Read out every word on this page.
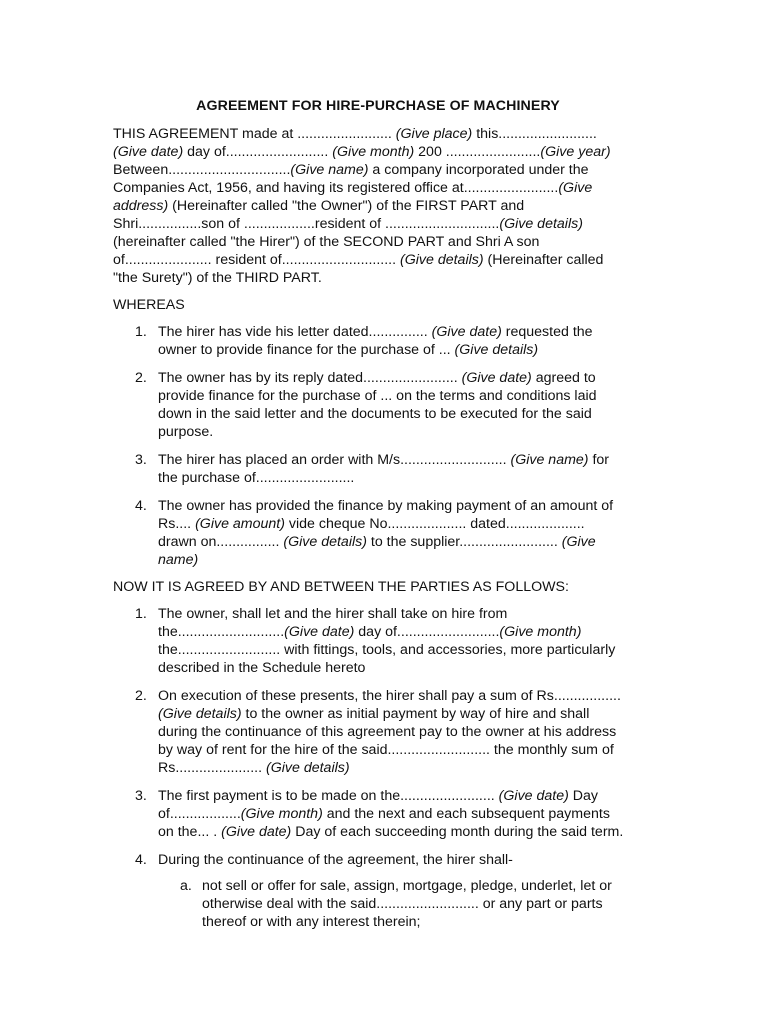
AGREEMENT FOR HIRE-PURCHASE OF MACHINERY

THIS AGREEMENT made at ........................ (Give place) this.........................
(Give date) day of.......................... (Give month) 200 ........................(Give year)
Between...............................(Give name) a company incorporated under the
Companies Act, 1956, and having its registered office at........................(Give
address) (Hereinafter called "the Owner") of the FIRST PART and
Shri................son of ..................resident of .............................(Give details)
(hereinafter called "the Hirer") of the SECOND PART and Shri A son
of...................... resident of............................. (Give details) (Hereinafter called
"the Surety") of the THIRD PART.

WHEREAS

1. The hirer has vide his letter dated............... (Give date) requested the
owner to provide finance for the purchase of ... (Give details)
2. The owner has by its reply dated........................ (Give date) agreed to
provide finance for the purchase of ... on the terms and conditions laid
down in the said letter and the documents to be executed for the said
purpose.
3. The hirer has placed an order with M/s........................... (Give name) for
the purchase of.........................
4. The owner has provided the finance by making payment of an amount of
Rs.... (Give amount) vide cheque No.................... dated....................
drawn on................ (Give details) to the supplier......................... (Give
name)

NOW IT IS AGREED BY AND BETWEEN THE PARTIES AS FOLLOWS:

1. The owner, shall let and the hirer shall take on hire from
the...........................(Give date) day of..........................(Give month)
the.......................... with fittings, tools, and accessories, more particularly
described in the Schedule hereto
2. On execution of these presents, the hirer shall pay a sum of Rs.................
(Give details) to the owner as initial payment by way of hire and shall
during the continuance of this agreement pay to the owner at his address
by way of rent for the hire of the said.......................... the monthly sum of
Rs...................... (Give details)
3. The first payment is to be made on the........................ (Give date) Day
of..................(Give month) and the next and each subsequent payments
on the... . (Give date) Day of each succeeding month during the said term.
4. During the continuance of the agreement, the hirer shall-
a. not sell or offer for sale, assign, mortgage, pledge, underlet, let or
otherwise deal with the said.......................... or any part or parts
thereof or with any interest therein;
